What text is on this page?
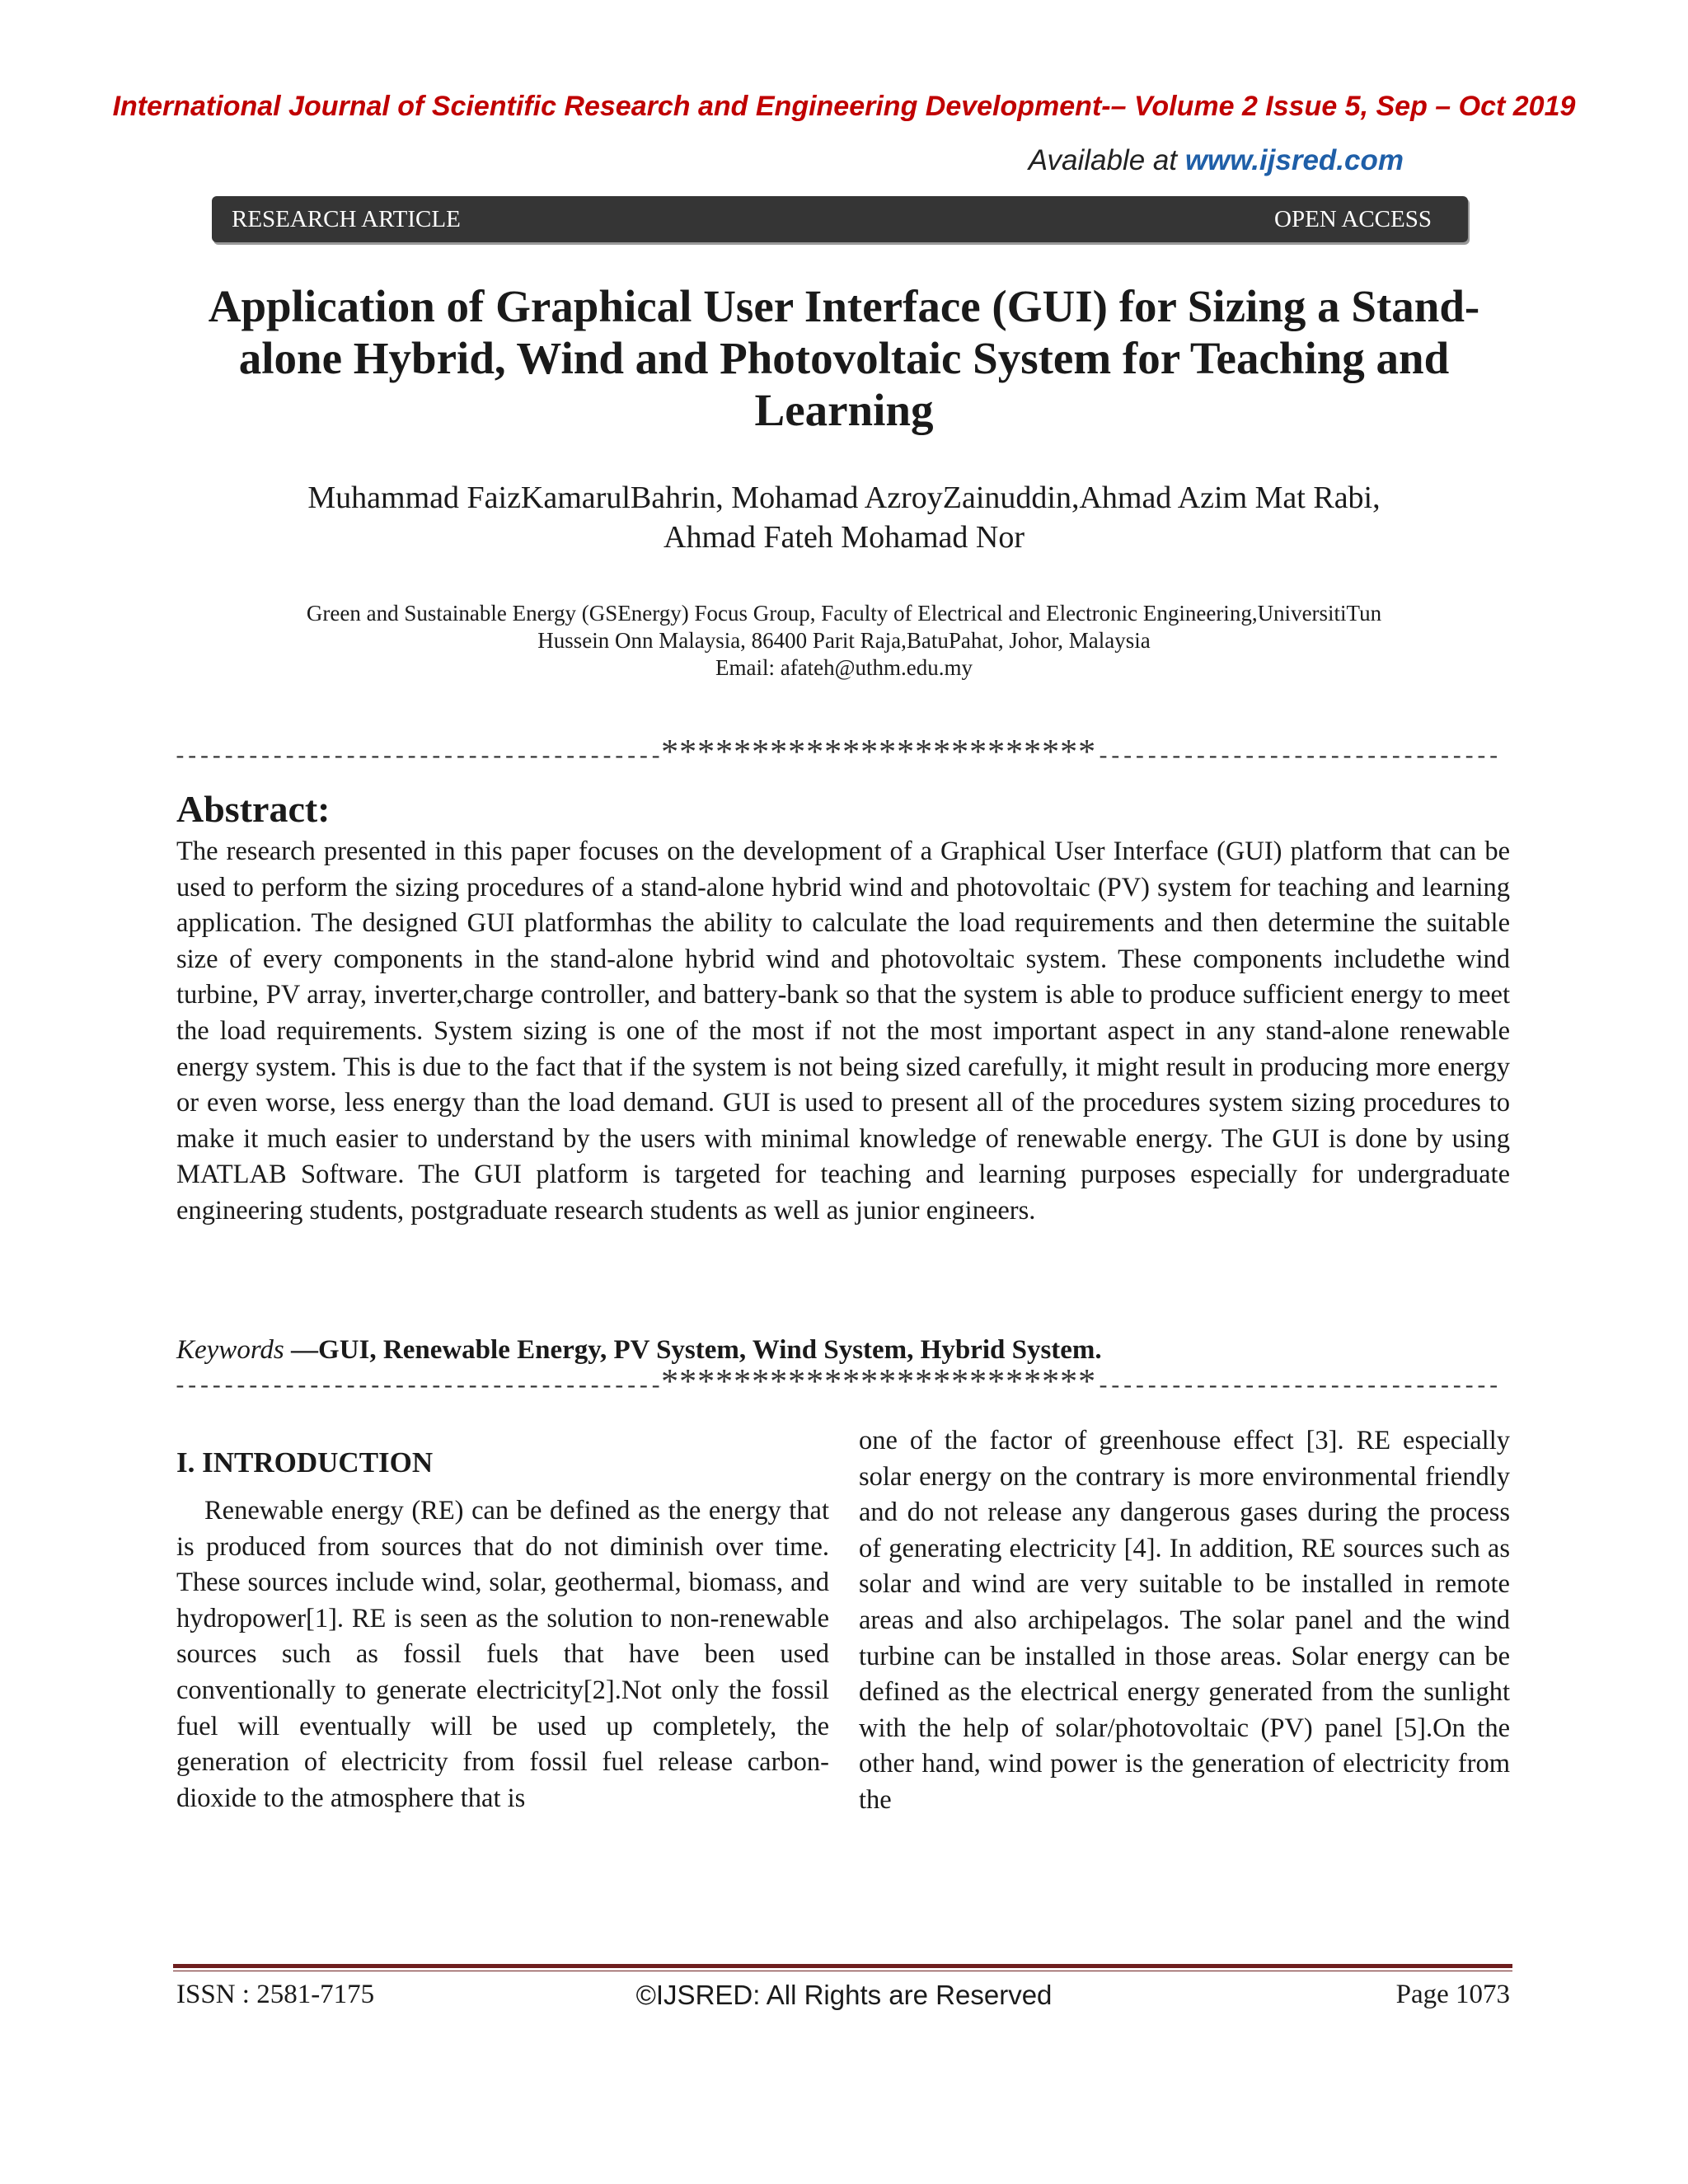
International Journal of Scientific Research and Engineering Development-– Volume 2 Issue 5, Sep – Oct 2019
Available at www.ijsred.com
RESEARCH ARTICLE	OPEN ACCESS
Application of Graphical User Interface (GUI) for Sizing a Stand-
alone Hybrid, Wind and Photovoltaic System for Teaching and
Learning
Muhammad FaizKamarulBahrin, Mohamad AzroyZainuddin,Ahmad Azim Mat Rabi,
Ahmad Fateh Mohamad Nor
Green and Sustainable Energy (GSEnergy) Focus Group, Faculty of Electrical and Electronic Engineering,UniversitiTun
Hussein Onn Malaysia, 86400 Parit Raja,BatuPahat, Johor, Malaysia
Email: afateh@uthm.edu.my
----------------------------------------************************---------------------------------
Abstract:
The research presented in this paper focuses on the development of a Graphical User Interface (GUI) platform that can be used to perform the sizing procedures of a stand-alone hybrid wind and photovoltaic (PV) system for teaching and learning application. The designed GUI platformhas the ability to calculate the load requirements and then determine the suitable size of every components in the stand-alone hybrid wind and photovoltaic system. These components includethe wind turbine, PV array, inverter,charge controller, and battery-bank so that the system is able to produce sufficient energy to meet the load requirements. System sizing is one of the most if not the most important aspect in any stand-alone renewable energy system. This is due to the fact that if the system is not being sized carefully, it might result in producing more energy or even worse, less energy than the load demand. GUI is used to present all of the procedures system sizing procedures to make it much easier to understand by the users with minimal knowledge of renewable energy. The GUI is done by using MATLAB Software. The GUI platform is targeted for teaching and learning purposes especially for undergraduate engineering students, postgraduate research students as well as junior engineers.
Keywords —GUI, Renewable Energy, PV System, Wind System, Hybrid System.
----------------------------------------************************---------------------------------
I. INTRODUCTION
Renewable energy (RE) can be defined as the energy that is produced from sources that do not diminish over time. These sources include wind, solar, geothermal, biomass, and hydropower[1]. RE is seen as the solution to non-renewable sources such as fossil fuels that have been used conventionally to generate electricity[2].Not only the fossil fuel will eventually will be used up completely, the generation of electricity from fossil fuel release carbon-dioxide to the atmosphere that is
one of the factor of greenhouse effect [3]. RE especially solar energy on the contrary is more environmental friendly and do not release any dangerous gases during the process of generating electricity [4]. In addition, RE sources such as solar and wind are very suitable to be installed in remote areas and also archipelagos. The solar panel and the wind turbine can be installed in those areas. Solar energy can be defined as the electrical energy generated from the sunlight with the help of solar/photovoltaic (PV) panel [5].On the other hand, wind power is the generation of electricity from the
ISSN : 2581-7175	©IJSRED: All Rights are Reserved	Page 1073
